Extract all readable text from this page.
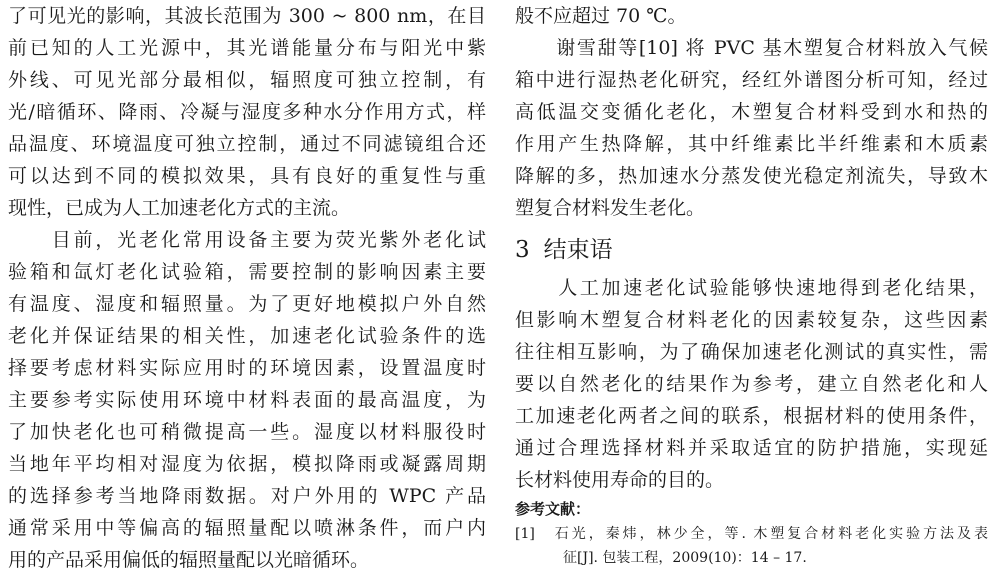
了可见光的影响，其波长范围为 300 ~ 800 nm，在目
前已知的人工光源中，其光谱能量分布与阳光中紫
外线、可见光部分最相似，辐照度可独立控制，有
光/暗循环、降雨、冷凝与湿度多种水分作用方式，样
品温度、环境温度可独立控制，通过不同滤镜组合还
可以达到不同的模拟效果，具有良好的重复性与重
现性，已成为人工加速老化方式的主流。
　　目前，光老化常用设备主要为荧光紫外老化试
验箱和氙灯老化试验箱，需要控制的影响因素主要
有温度、湿度和辐照量。为了更好地模拟户外自然
老化并保证结果的相关性，加速老化试验条件的选
择要考虑材料实际应用时的环境因素，设置温度时
主要参考实际使用环境中材料表面的最高温度，为
了加快老化也可稍微提高一些。湿度以材料服役时
当地年平均相对湿度为依据，模拟降雨或凝露周期
的选择参考当地降雨数据。对户外用的 WPC 产品
通常采用中等偏高的辐照量配以喷淋条件，而户内
用的产品采用偏低的辐照量配以光暗循环。
般不应超过 70 ℃。
　　谢雪甜等[10] 将 PVC 基木塑复合材料放入气候
箱中进行湿热老化研究，经红外谱图分析可知，经过
高低温交变循化老化，木塑复合材料受到水和热的
作用产生热降解，其中纤维素比半纤维素和木质素
降解的多，热加速水分蒸发使光稳定剂流失，导致木
塑复合材料发生老化。
3 结束语
　　人工加速老化试验能够快速地得到老化结果，
但影响木塑复合材料老化的因素较复杂，这些因素
往往相互影响，为了确保加速老化测试的真实性，需
要以自然老化的结果作为参考，建立自然老化和人
工加速老化两者之间的联系，根据材料的使用条件，
通过合理选择材料并采取适宜的防护措施，实现延
长材料使用寿命的目的。
参考文献：
[1]　石光，秦炜，林少全，等. 木塑复合材料老化实验方法及表
征[J]. 包装工程，2009(10)：14 – 17.
